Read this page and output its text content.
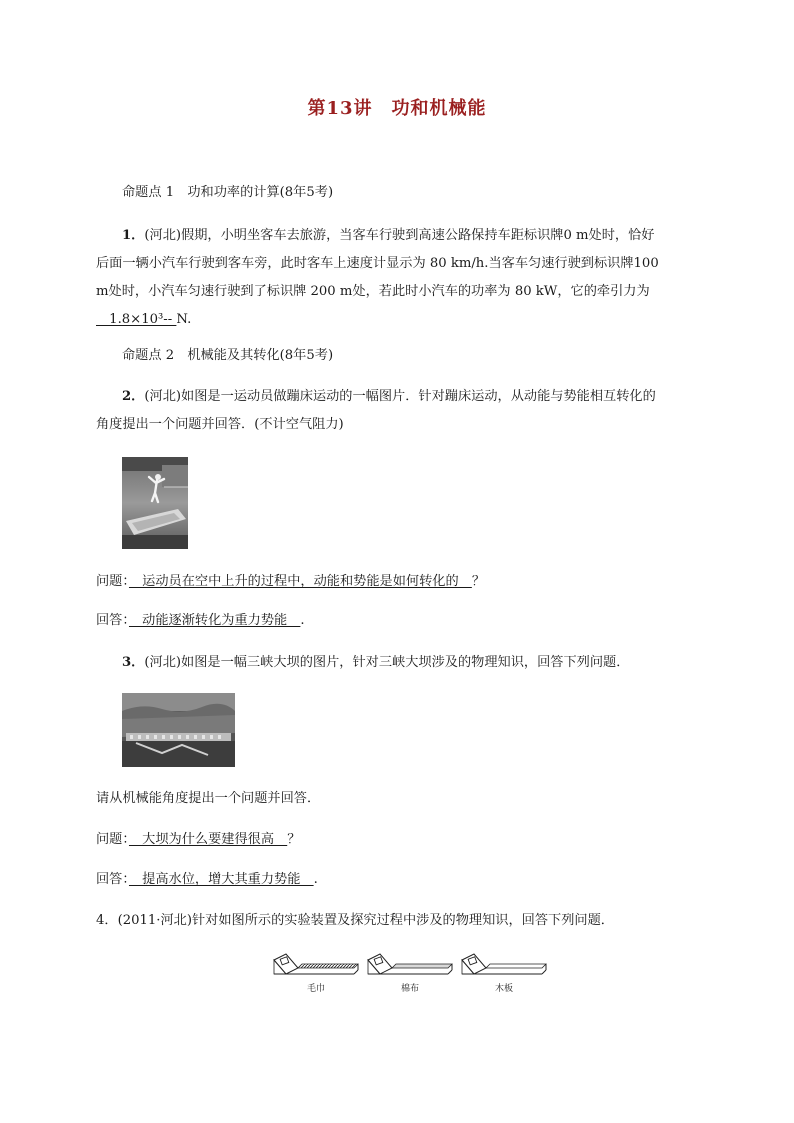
第13讲　功和机械能
命题点 1　功和功率的计算(8年5考)
1．(河北)假期，小明坐客车去旅游，当客车行驶到高速公路保持车距标识牌0 m处时，恰好
后面一辆小汽车行驶到客车旁，此时客车上速度计显示为 80 km/h.当客车匀速行驶到标识牌100
m处时，小汽车匀速行驶到了标识牌 200 m处，若此时小汽车的功率为 80 kW，它的牵引力为
　1.8×10³-- N.
命题点 2　机械能及其转化(8年5考)
2．(河北)如图是一运动员做蹦床运动的一幅图片．针对蹦床运动，从动能与势能相互转化的
角度提出一个问题并回答．(不计空气阻力)
问题：　运动员在空中上升的过程中，动能和势能是如何转化的　？
回答：　动能逐渐转化为重力势能　.
3．(河北)如图是一幅三峡大坝的图片，针对三峡大坝涉及的物理知识，回答下列问题．
请从机械能角度提出一个问题并回答．
问题：　大坝为什么要建得很高　？
回答：　提高水位，增大其重力势能　.
4．(2011·河北)针对如图所示的实验装置及探究过程中涉及的物理知识，回答下列问题．
毛巾	棉布	木板
